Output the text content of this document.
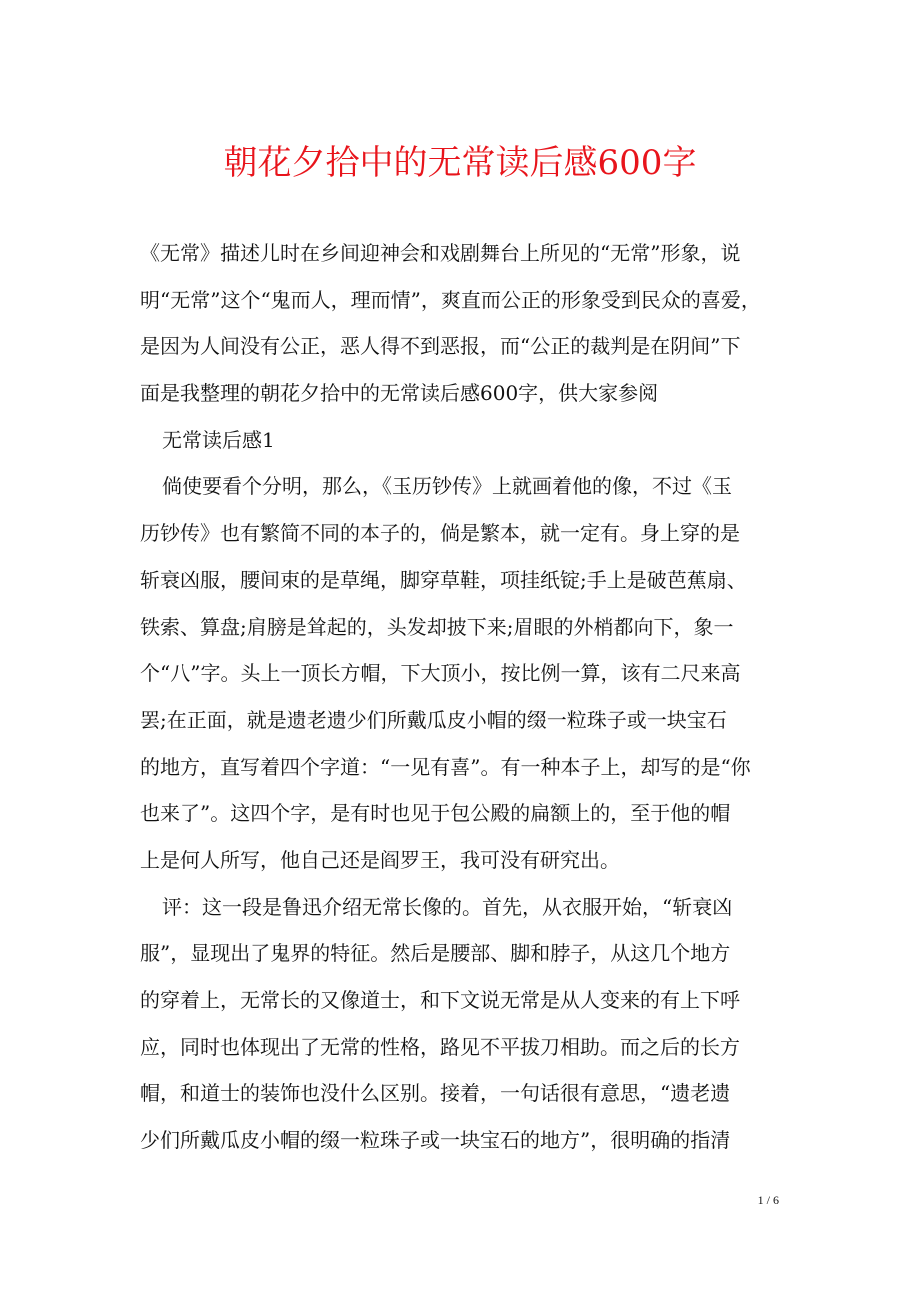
朝花夕拾中的无常读后感600字
《无常》描述儿时在乡间迎神会和戏剧舞台上所见的“无常”形象，说
明“无常”这个“鬼而人，理而情”，爽直而公正的形象受到民众的喜爱，
是因为人间没有公正，恶人得不到恶报，而“公正的裁判是在阴间”下
面是我整理的朝花夕拾中的无常读后感600字，供大家参阅
无常读后感1
倘使要看个分明，那么，《玉历钞传》上就画着他的像，不过《玉
历钞传》也有繁简不同的本子的，倘是繁本，就一定有。身上穿的是
斩衰凶服，腰间束的是草绳，脚穿草鞋，项挂纸锭;手上是破芭蕉扇、
铁索、算盘;肩膀是耸起的，头发却披下来;眉眼的外梢都向下，象一
个“八”字。头上一顶长方帽，下大顶小，按比例一算，该有二尺来高
罢;在正面，就是遗老遗少们所戴瓜皮小帽的缀一粒珠子或一块宝石
的地方，直写着四个字道：“一见有喜”。有一种本子上，却写的是“你
也来了”。这四个字，是有时也见于包公殿的扁额上的，至于他的帽
上是何人所写，他自己还是阎罗王，我可没有研究出。
评：这一段是鲁迅介绍无常长像的。首先，从衣服开始，“斩衰凶
服”，显现出了鬼界的特征。然后是腰部、脚和脖子，从这几个地方
的穿着上，无常长的又像道士，和下文说无常是从人变来的有上下呼
应，同时也体现出了无常的性格，路见不平拔刀相助。而之后的长方
帽，和道士的装饰也没什么区别。接着，一句话很有意思，“遗老遗
少们所戴瓜皮小帽的缀一粒珠子或一块宝石的地方”，很明确的指清
1 / 6
